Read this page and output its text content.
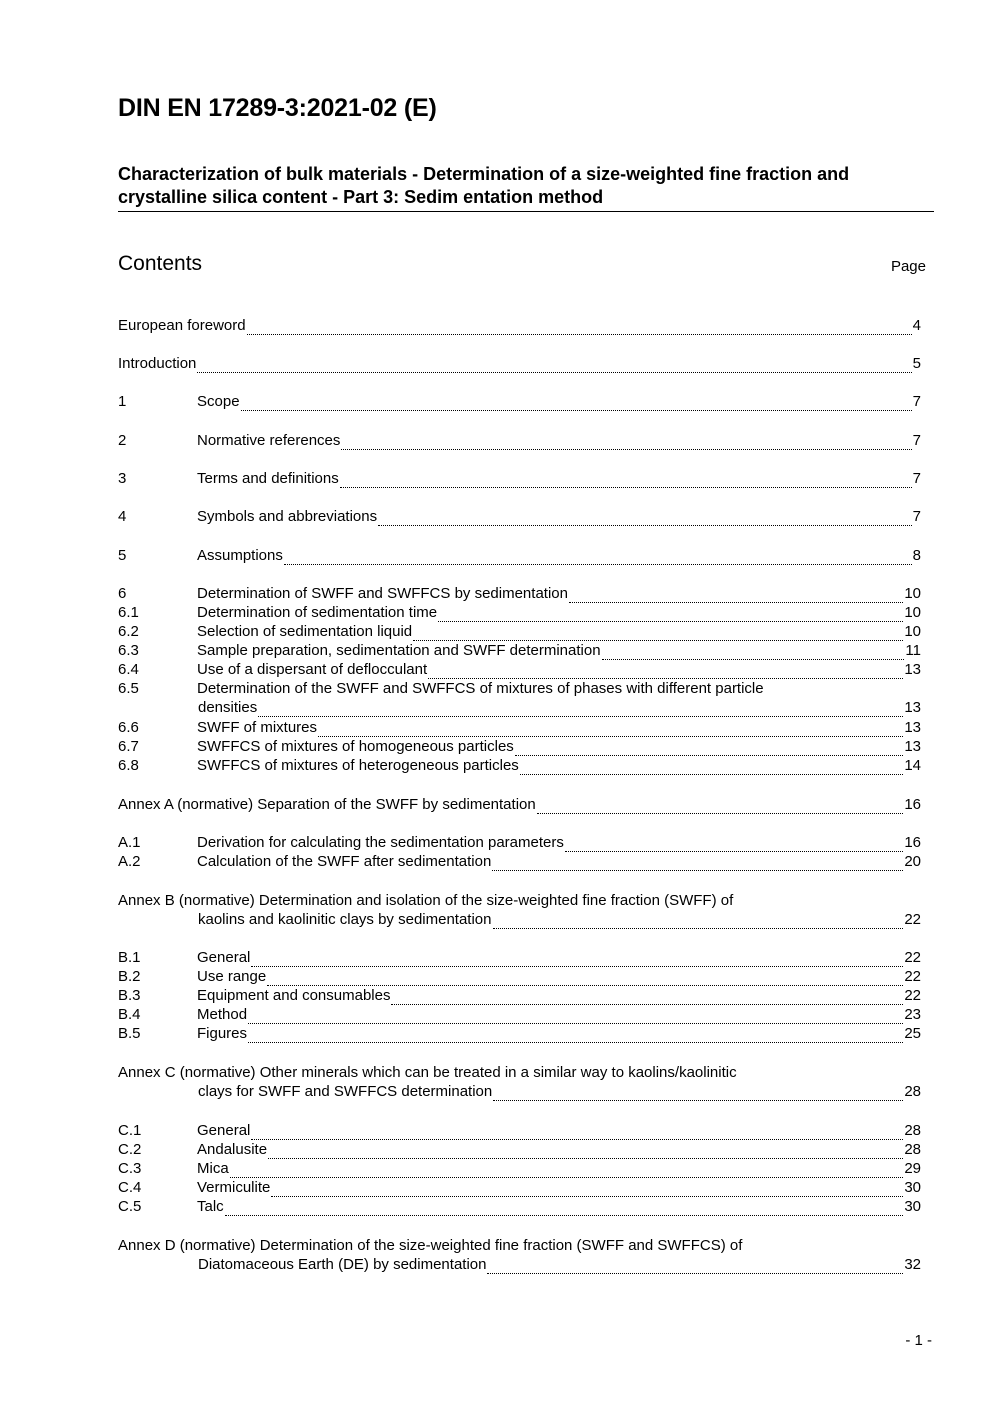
DIN EN 17289-3:2021-02 (E)
Characterization of bulk materials - Determination of a size-weighted fine fraction and
crystalline silica content - Part 3: Sedim entation method
Contents	Page
European foreword	4
Introduction	5
1	Scope	7
2	Normative references	7
3	Terms and definitions	7
4	Symbols and abbreviations	7
5	Assumptions	8
6	Determination of SWFF and SWFFCS by sedimentation	10
6.1	Determination of sedimentation time	10
6.2	Selection of sedimentation liquid	10
6.3	Sample preparation, sedimentation and SWFF determination	11
6.4	Use of a dispersant of deflocculant	13
6.5	Determination of the SWFF and SWFFCS of mixtures of phases with different particle
densities	13
6.6	SWFF of mixtures	13
6.7	SWFFCS of mixtures of homogeneous particles	13
6.8	SWFFCS of mixtures of heterogeneous particles	14
Annex A (normative) Separation of the SWFF by sedimentation	16
A.1	Derivation for calculating the sedimentation parameters	16
A.2	Calculation of the SWFF after sedimentation	20
Annex B (normative) Determination and isolation of the size-weighted fine fraction (SWFF) of
kaolins and kaolinitic clays by sedimentation	22
B.1	General	22
B.2	Use range	22
B.3	Equipment and consumables	22
B.4	Method	23
B.5	Figures	25
Annex C (normative) Other minerals which can be treated in a similar way to kaolins/kaolinitic
clays for SWFF and SWFFCS determination	28
C.1	General	28
C.2	Andalusite	28
C.3	Mica	29
C.4	Vermiculite	30
C.5	Talc	30
Annex D (normative) Determination of the size-weighted fine fraction (SWFF and SWFFCS) of
Diatomaceous Earth (DE) by sedimentation	32
- 1 -
